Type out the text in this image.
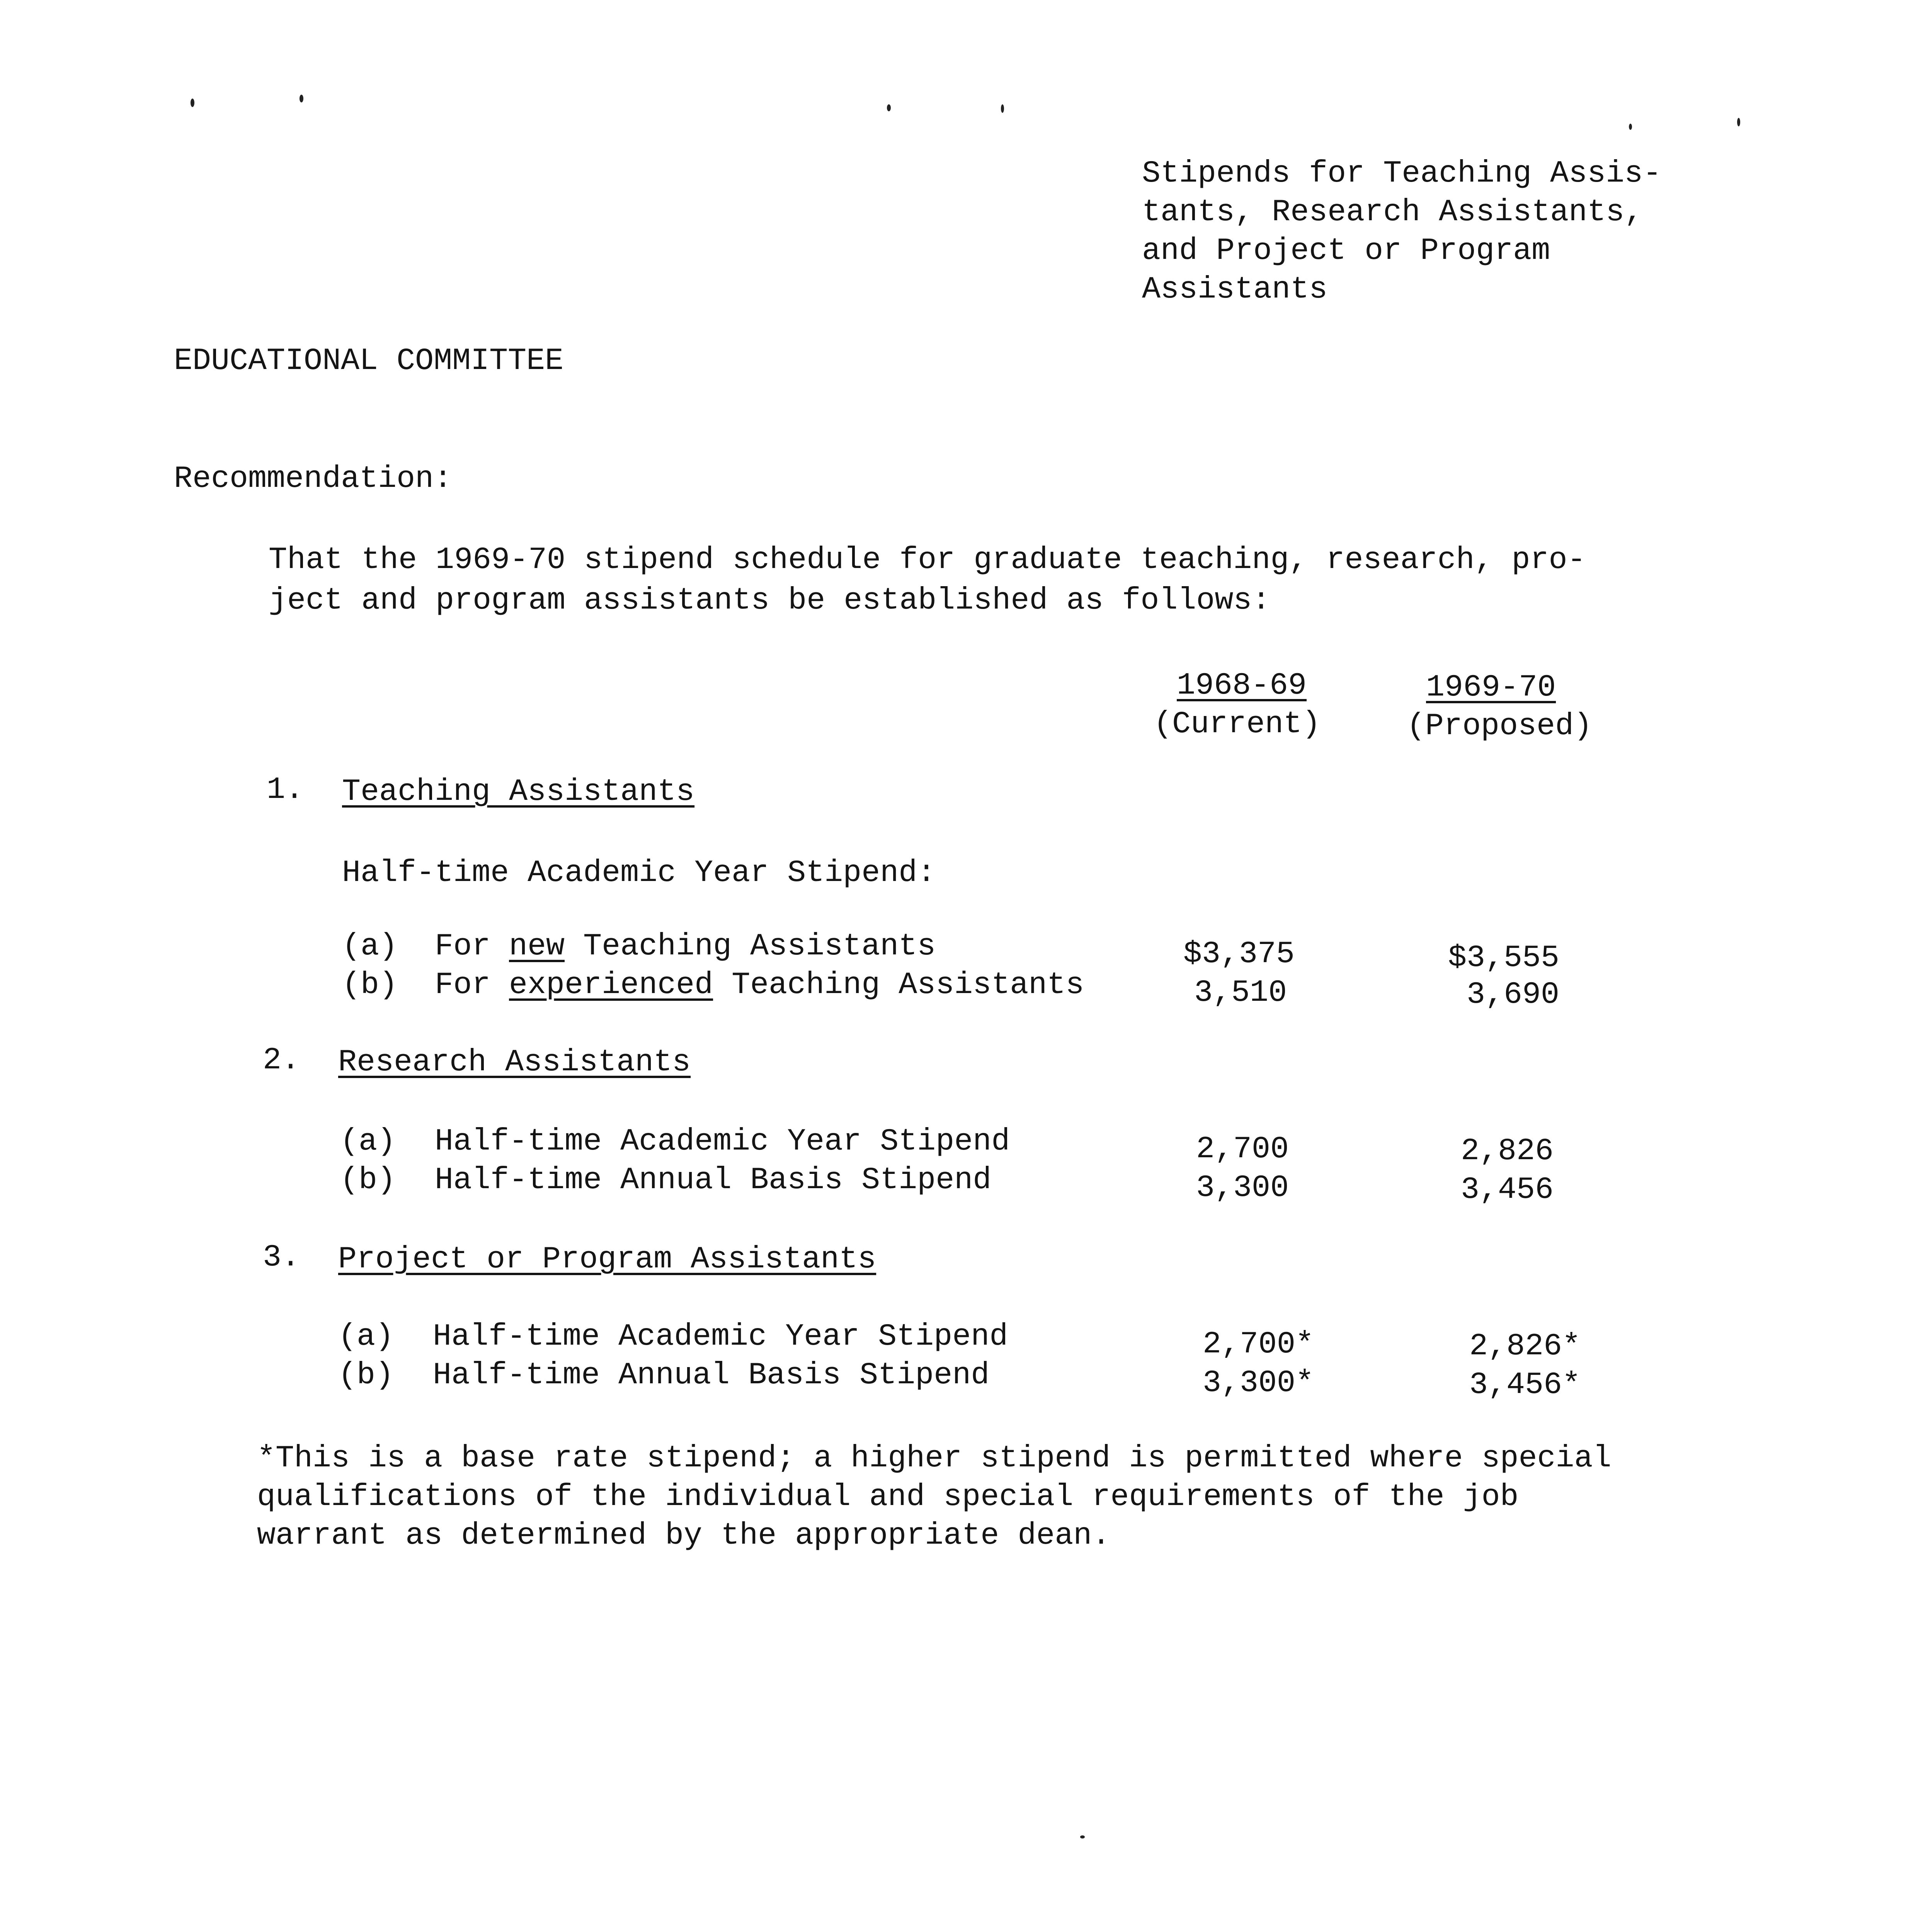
Stipends for Teaching Assis-
tants, Research Assistants,
and Project or Program
Assistants
EDUCATIONAL COMMITTEE
Recommendation:
That the 1969-70 stipend schedule for graduate teaching, research, pro-
ject and program assistants be established as follows:
1968-69
(Current)
1969-70
(Proposed)
1. Teaching Assistants
Half-time Academic Year Stipend:
(a) For new Teaching Assistants	$3,375	$3,555
(b) For experienced Teaching Assistants	3,510	3,690
2. Research Assistants
(a) Half-time Academic Year Stipend	2,700	2,826
(b) Half-time Annual Basis Stipend	3,300	3,456
3. Project or Program Assistants
(a) Half-time Academic Year Stipend	2,700*	2,826*
(b) Half-time Annual Basis Stipend	3,300*	3,456*
*This is a base rate stipend; a higher stipend is permitted where special
qualifications of the individual and special requirements of the job
warrant as determined by the appropriate dean.
